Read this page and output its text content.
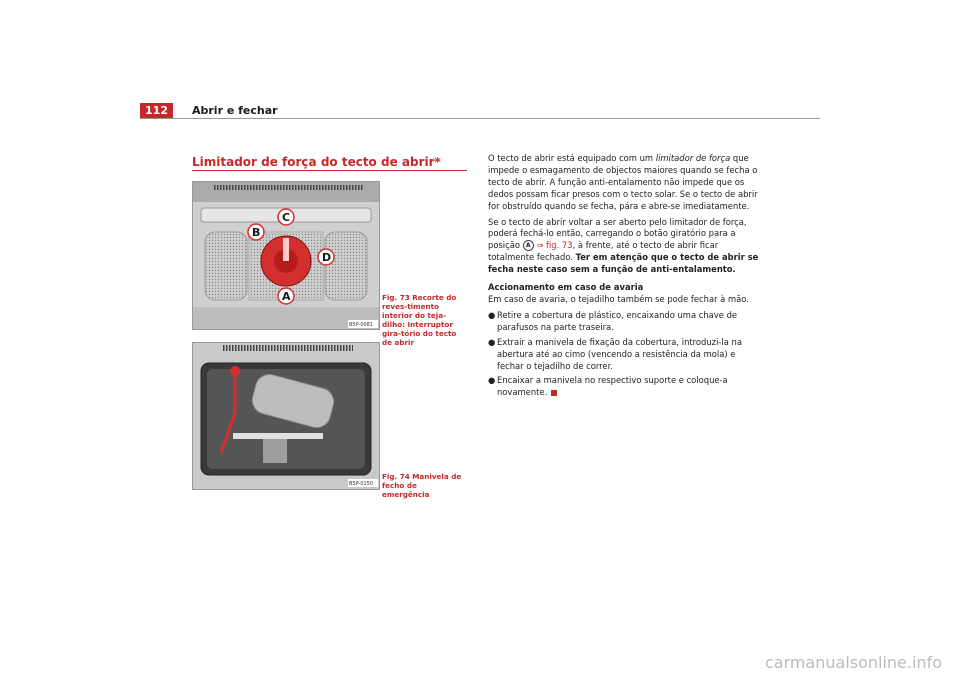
112	Abrir e fechar
Limitador de força do tecto de abrir*
A
B
C
D
B5P-0081
Fig. 73 Recorte do reves-timento interior do teja-dilho: Interruptor gira-tório do tecto de abrir
B5P-0150
Fig. 74 Manivela de fecho de emergência

O tecto de abrir está equipado com um limitador de força que impede o esmagamento de objectos maiores quando se fecha o tecto de abrir. A função anti-entalamento não impede que os dedos possam ficar presos com o tecto solar. Se o tecto de abrir for obstruído quando se fecha, pára e abre-se imediatamente.

Se o tecto de abrir voltar a ser aberto pelo limitador de força, poderá fechá-lo então, carregando o botão giratório para a posição A ⇒ fig. 73, à frente, até o tecto de abrir ficar totalmente fechado. Ter em atenção que o tecto de abrir se fecha neste caso sem a função de anti-entalamento.

Accionamento em caso de avaria

Em caso de avaria, o tejadilho também se pode fechar à mão.

● Retire a cobertura de plástico, encaixando uma chave de parafusos na parte traseira.
● Extrair a manivela de fixação da cobertura, introduzi-la na abertura até ao cimo (vencendo a resistência da mola) e fechar o tejadilho de correr.
● Encaixar a manivela no respectivo suporte e coloque-a novamente.
carmanualsonline.info
